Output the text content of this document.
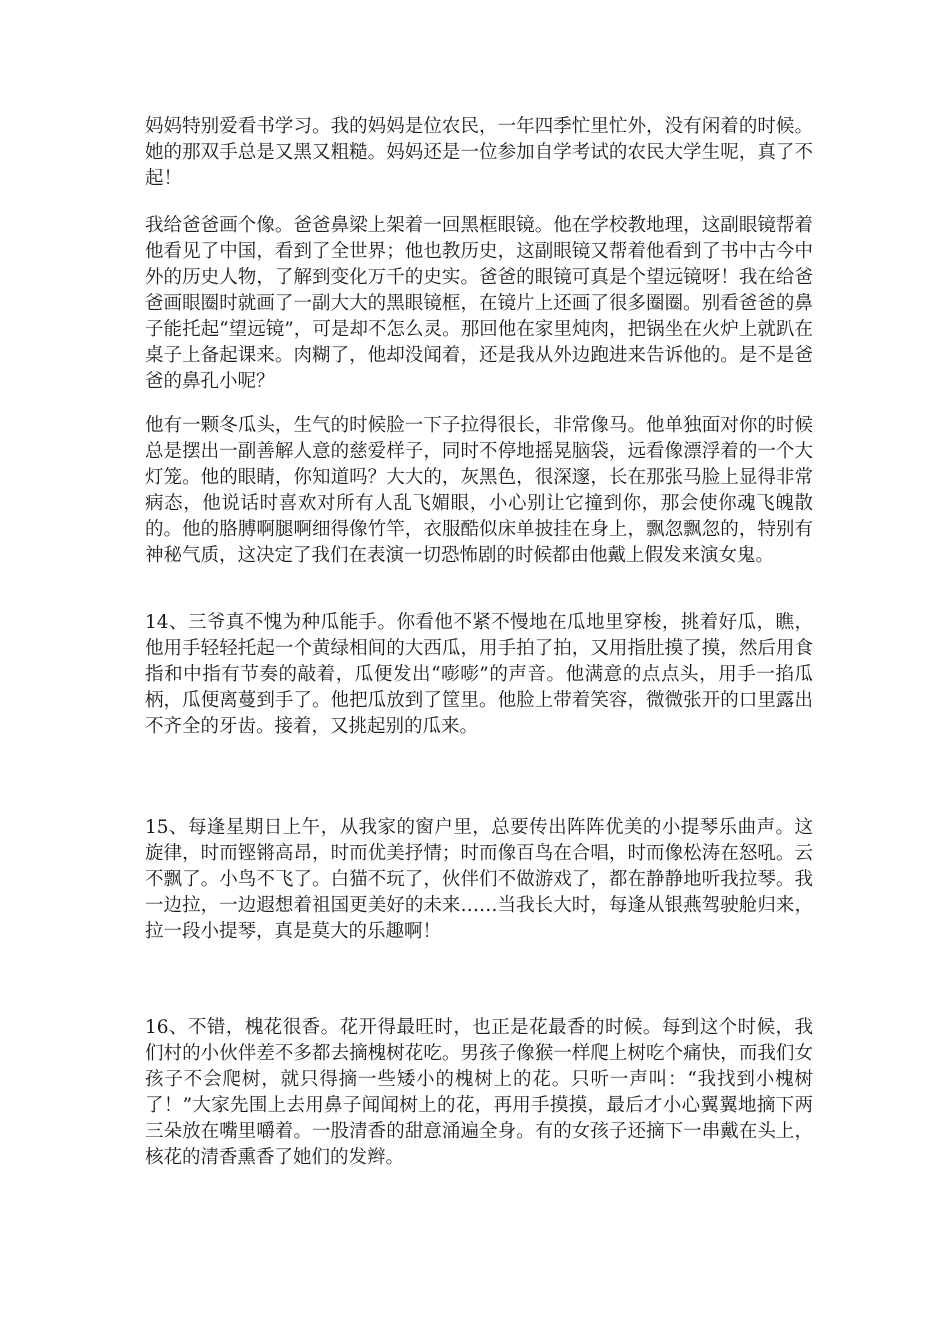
妈妈特别爱看书学习。我的妈妈是位农民，一年四季忙里忙外，没有闲着的时候。她的那双手总是又黑又粗糙。妈妈还是一位参加自学考试的农民大学生呢，真了不起！

我给爸爸画个像。爸爸鼻梁上架着一回黑框眼镜。他在学校教地理，这副眼镜帮着他看见了中国，看到了全世界；他也教历史，这副眼镜又帮着他看到了书中古今中外的历史人物，了解到变化万千的史实。爸爸的眼镜可真是个望远镜呀！我在给爸爸画眼圈时就画了一副大大的黑眼镜框，在镜片上还画了很多圈圈。别看爸爸的鼻子能托起“望远镜”，可是却不怎么灵。那回他在家里炖肉，把锅坐在火炉上就趴在桌子上备起课来。肉糊了，他却没闻着，还是我从外边跑进来告诉他的。是不是爸爸的鼻孔小呢？

他有一颗冬瓜头，生气的时候脸一下子拉得很长，非常像马。他单独面对你的时候总是摆出一副善解人意的慈爱样子，同时不停地摇晃脑袋，远看像漂浮着的一个大灯笼。他的眼睛，你知道吗？大大的，灰黑色，很深邃，长在那张马脸上显得非常病态，他说话时喜欢对所有人乱飞媚眼，小心别让它撞到你，那会使你魂飞魄散的。他的胳膊啊腿啊细得像竹竿，衣服酷似床单披挂在身上，飘忽飘忽的，特别有神秘气质，这决定了我们在表演一切恐怖剧的时候都由他戴上假发来演女鬼。

14、三爷真不愧为种瓜能手。你看他不紧不慢地在瓜地里穿梭，挑着好瓜，瞧，他用手轻轻托起一个黄绿相间的大西瓜，用手拍了拍，又用指肚摸了摸，然后用食指和中指有节奏的敲着，瓜便发出“嘭嘭”的声音。他满意的点点头，用手一掐瓜柄，瓜便离蔓到手了。他把瓜放到了筐里。他脸上带着笑容，微微张开的口里露出不齐全的牙齿。接着，又挑起别的瓜来。

15、每逢星期日上午，从我家的窗户里，总要传出阵阵优美的小提琴乐曲声。这旋律，时而铿锵高昂，时而优美抒情；时而像百鸟在合唱，时而像松涛在怒吼。云不飘了。小鸟不飞了。白猫不玩了，伙伴们不做游戏了，都在静静地听我拉琴。我一边拉，一边遐想着祖国更美好的未来……当我长大时，每逢从银燕驾驶舱归来，拉一段小提琴，真是莫大的乐趣啊！

16、不错，槐花很香。花开得最旺时，也正是花最香的时候。每到这个时候，我们村的小伙伴差不多都去摘槐树花吃。男孩子像猴一样爬上树吃个痛快，而我们女孩子不会爬树，就只得摘一些矮小的槐树上的花。只听一声叫：“我找到小槐树了！”大家先围上去用鼻子闻闻树上的花，再用手摸摸，最后才小心翼翼地摘下两三朵放在嘴里嚼着。一股清香的甜意涌遍全身。有的女孩子还摘下一串戴在头上，核花的清香熏香了她们的发辫。
